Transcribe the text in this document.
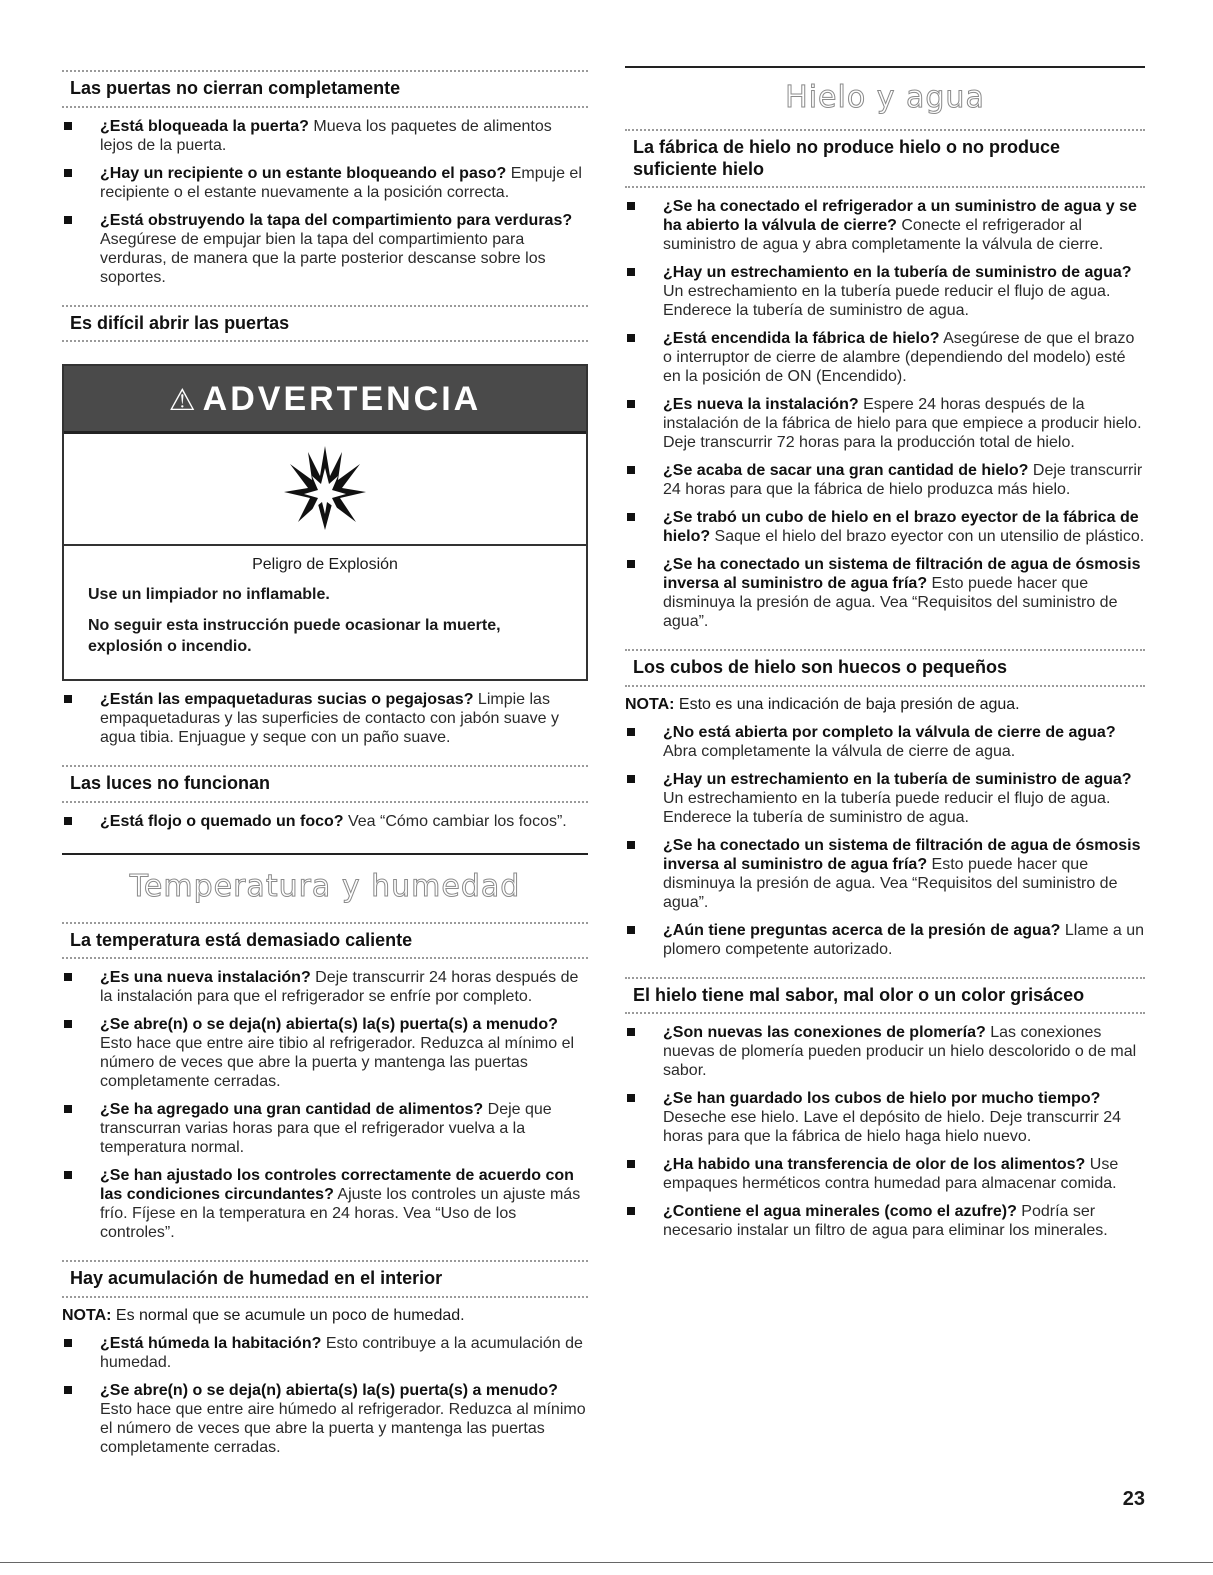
Las puertas no cierran completamente
¿Está bloqueada la puerta? Mueva los paquetes de alimentos lejos de la puerta.
¿Hay un recipiente o un estante bloqueando el paso? Empuje el recipiente o el estante nuevamente a la posición correcta.
¿Está obstruyendo la tapa del compartimiento para verduras? Asegúrese de empujar bien la tapa del compartimiento para verduras, de manera que la parte posterior descanse sobre los soportes.
Es difícil abrir las puertas
⚠ ADVERTENCIA
Peligro de Explosión

Use un limpiador no inflamable.

No seguir esta instrucción puede ocasionar la muerte, explosión o incendio.

¿Están las empaquetaduras sucias o pegajosas? Limpie las empaquetaduras y las superficies de contacto con jabón suave y agua tibia. Enjuague y seque con un paño suave.
Las luces no funcionan
¿Está flojo o quemado un foco? Vea “Cómo cambiar los focos”.
Temperatura y humedad
La temperatura está demasiado caliente
¿Es una nueva instalación? Deje transcurrir 24 horas después de la instalación para que el refrigerador se enfríe por completo.
¿Se abre(n) o se deja(n) abierta(s) la(s) puerta(s) a menudo? Esto hace que entre aire tibio al refrigerador. Reduzca al mínimo el número de veces que abre la puerta y mantenga las puertas completamente cerradas.
¿Se ha agregado una gran cantidad de alimentos? Deje que transcurran varias horas para que el refrigerador vuelva a la temperatura normal.
¿Se han ajustado los controles correctamente de acuerdo con las condiciones circundantes? Ajuste los controles un ajuste más frío. Fíjese en la temperatura en 24 horas. Vea “Uso de los controles”.
Hay acumulación de humedad en el interior
NOTA: Es normal que se acumule un poco de humedad.
¿Está húmeda la habitación? Esto contribuye a la acumulación de humedad.
¿Se abre(n) o se deja(n) abierta(s) la(s) puerta(s) a menudo? Esto hace que entre aire húmedo al refrigerador. Reduzca al mínimo el número de veces que abre la puerta y mantenga las puertas completamente cerradas.
Hielo y agua
La fábrica de hielo no produce hielo o no produce suficiente hielo
¿Se ha conectado el refrigerador a un suministro de agua y se ha abierto la válvula de cierre? Conecte el refrigerador al suministro de agua y abra completamente la válvula de cierre.
¿Hay un estrechamiento en la tubería de suministro de agua? Un estrechamiento en la tubería puede reducir el flujo de agua. Enderece la tubería de suministro de agua.
¿Está encendida la fábrica de hielo? Asegúrese de que el brazo o interruptor de cierre de alambre (dependiendo del modelo) esté en la posición de ON (Encendido).
¿Es nueva la instalación? Espere 24 horas después de la instalación de la fábrica de hielo para que empiece a producir hielo. Deje transcurrir 72 horas para la producción total de hielo.
¿Se acaba de sacar una gran cantidad de hielo? Deje transcurrir 24 horas para que la fábrica de hielo produzca más hielo.
¿Se trabó un cubo de hielo en el brazo eyector de la fábrica de hielo? Saque el hielo del brazo eyector con un utensilio de plástico.
¿Se ha conectado un sistema de filtración de agua de ósmosis inversa al suministro de agua fría? Esto puede hacer que disminuya la presión de agua. Vea “Requisitos del suministro de agua”.
Los cubos de hielo son huecos o pequeños
NOTA: Esto es una indicación de baja presión de agua.
¿No está abierta por completo la válvula de cierre de agua? Abra completamente la válvula de cierre de agua.
¿Hay un estrechamiento en la tubería de suministro de agua? Un estrechamiento en la tubería puede reducir el flujo de agua. Enderece la tubería de suministro de agua.
¿Se ha conectado un sistema de filtración de agua de ósmosis inversa al suministro de agua fría? Esto puede hacer que disminuya la presión de agua. Vea “Requisitos del suministro de agua”.
¿Aún tiene preguntas acerca de la presión de agua? Llame a un plomero competente autorizado.
El hielo tiene mal sabor, mal olor o un color grisáceo
¿Son nuevas las conexiones de plomería? Las conexiones nuevas de plomería pueden producir un hielo descolorido o de mal sabor.
¿Se han guardado los cubos de hielo por mucho tiempo? Deseche ese hielo. Lave el depósito de hielo. Deje transcurrir 24 horas para que la fábrica de hielo haga hielo nuevo.
¿Ha habido una transferencia de olor de los alimentos? Use empaques herméticos contra humedad para almacenar comida.
¿Contiene el agua minerales (como el azufre)? Podría ser necesario instalar un filtro de agua para eliminar los minerales.
23
